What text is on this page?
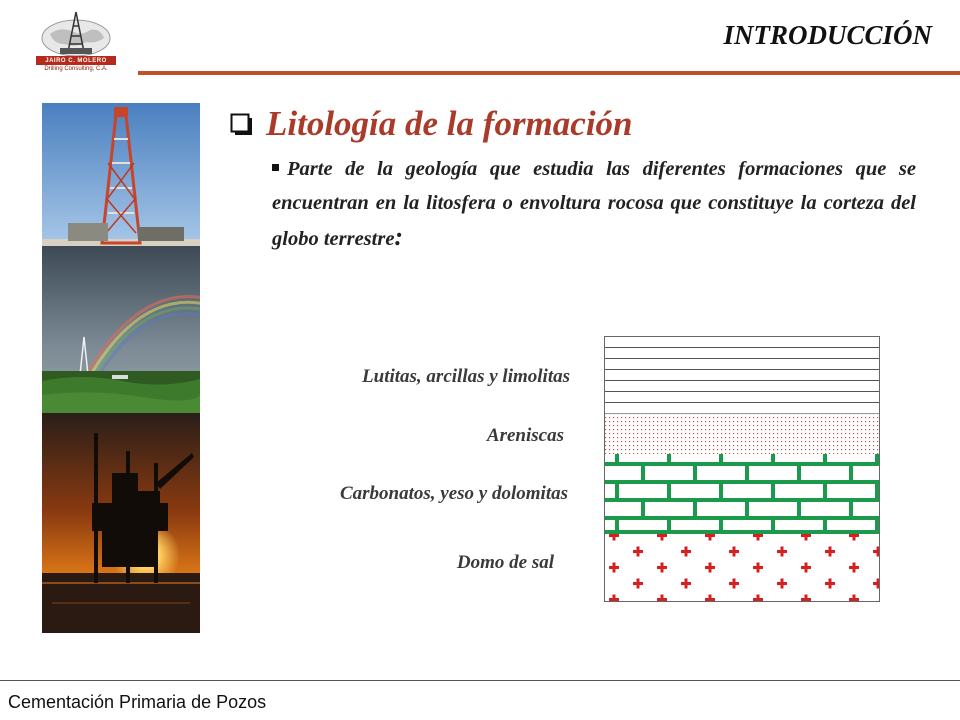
JAIRO C. MOLERO
Drilling Consulting, C.A.
INTRODUCCIÓN
Litología de la formación
Parte de la geología que estudia las diferentes formaciones que se encuentran en la litosfera o envoltura rocosa que constituye la corteza del globo terrestre:
Lutitas, arcillas y limolitas
Areniscas
Carbonatos, yeso y dolomitas
Domo de sal
Cementación Primaria de Pozos
